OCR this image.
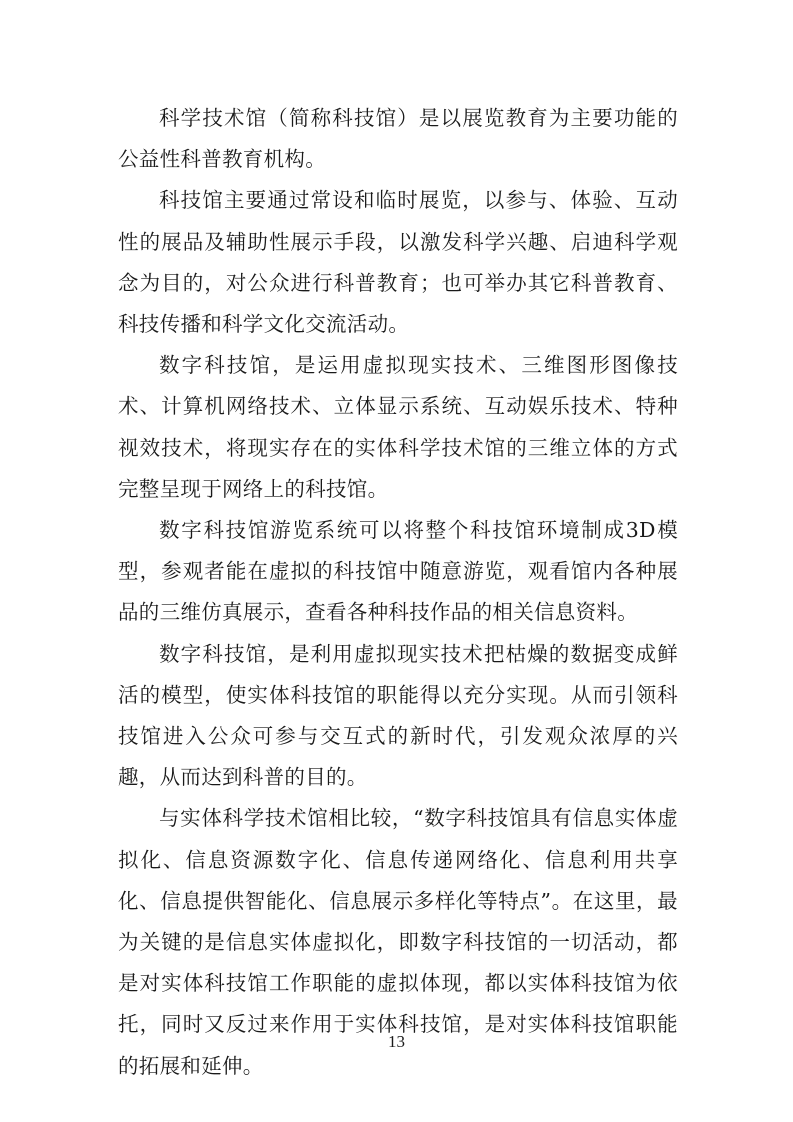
科学技术馆（简称科技馆）是以展览教育为主要功能的公益性科普教育机构。

科技馆主要通过常设和临时展览，以参与、体验、互动性的展品及辅助性展示手段，以激发科学兴趣、启迪科学观念为目的，对公众进行科普教育；也可举办其它科普教育、科技传播和科学文化交流活动。

数字科技馆，是运用虚拟现实技术、三维图形图像技术、计算机网络技术、立体显示系统、互动娱乐技术、特种视效技术，将现实存在的实体科学技术馆的三维立体的方式完整呈现于网络上的科技馆。

数字科技馆游览系统可以将整个科技馆环境制成3D模型，参观者能在虚拟的科技馆中随意游览，观看馆内各种展品的三维仿真展示，查看各种科技作品的相关信息资料。

数字科技馆，是利用虚拟现实技术把枯燥的数据变成鲜活的模型，使实体科技馆的职能得以充分实现。从而引领科技馆进入公众可参与交互式的新时代，引发观众浓厚的兴趣，从而达到科普的目的。

与实体科学技术馆相比较，“数字科技馆具有信息实体虚拟化、信息资源数字化、信息传递网络化、信息利用共享化、信息提供智能化、信息展示多样化等特点”。在这里，最为关键的是信息实体虚拟化，即数字科技馆的一切活动，都是对实体科技馆工作职能的虚拟体现，都以实体科技馆为依托，同时又反过来作用于实体科技馆，是对实体科技馆职能的拓展和延伸。

13
